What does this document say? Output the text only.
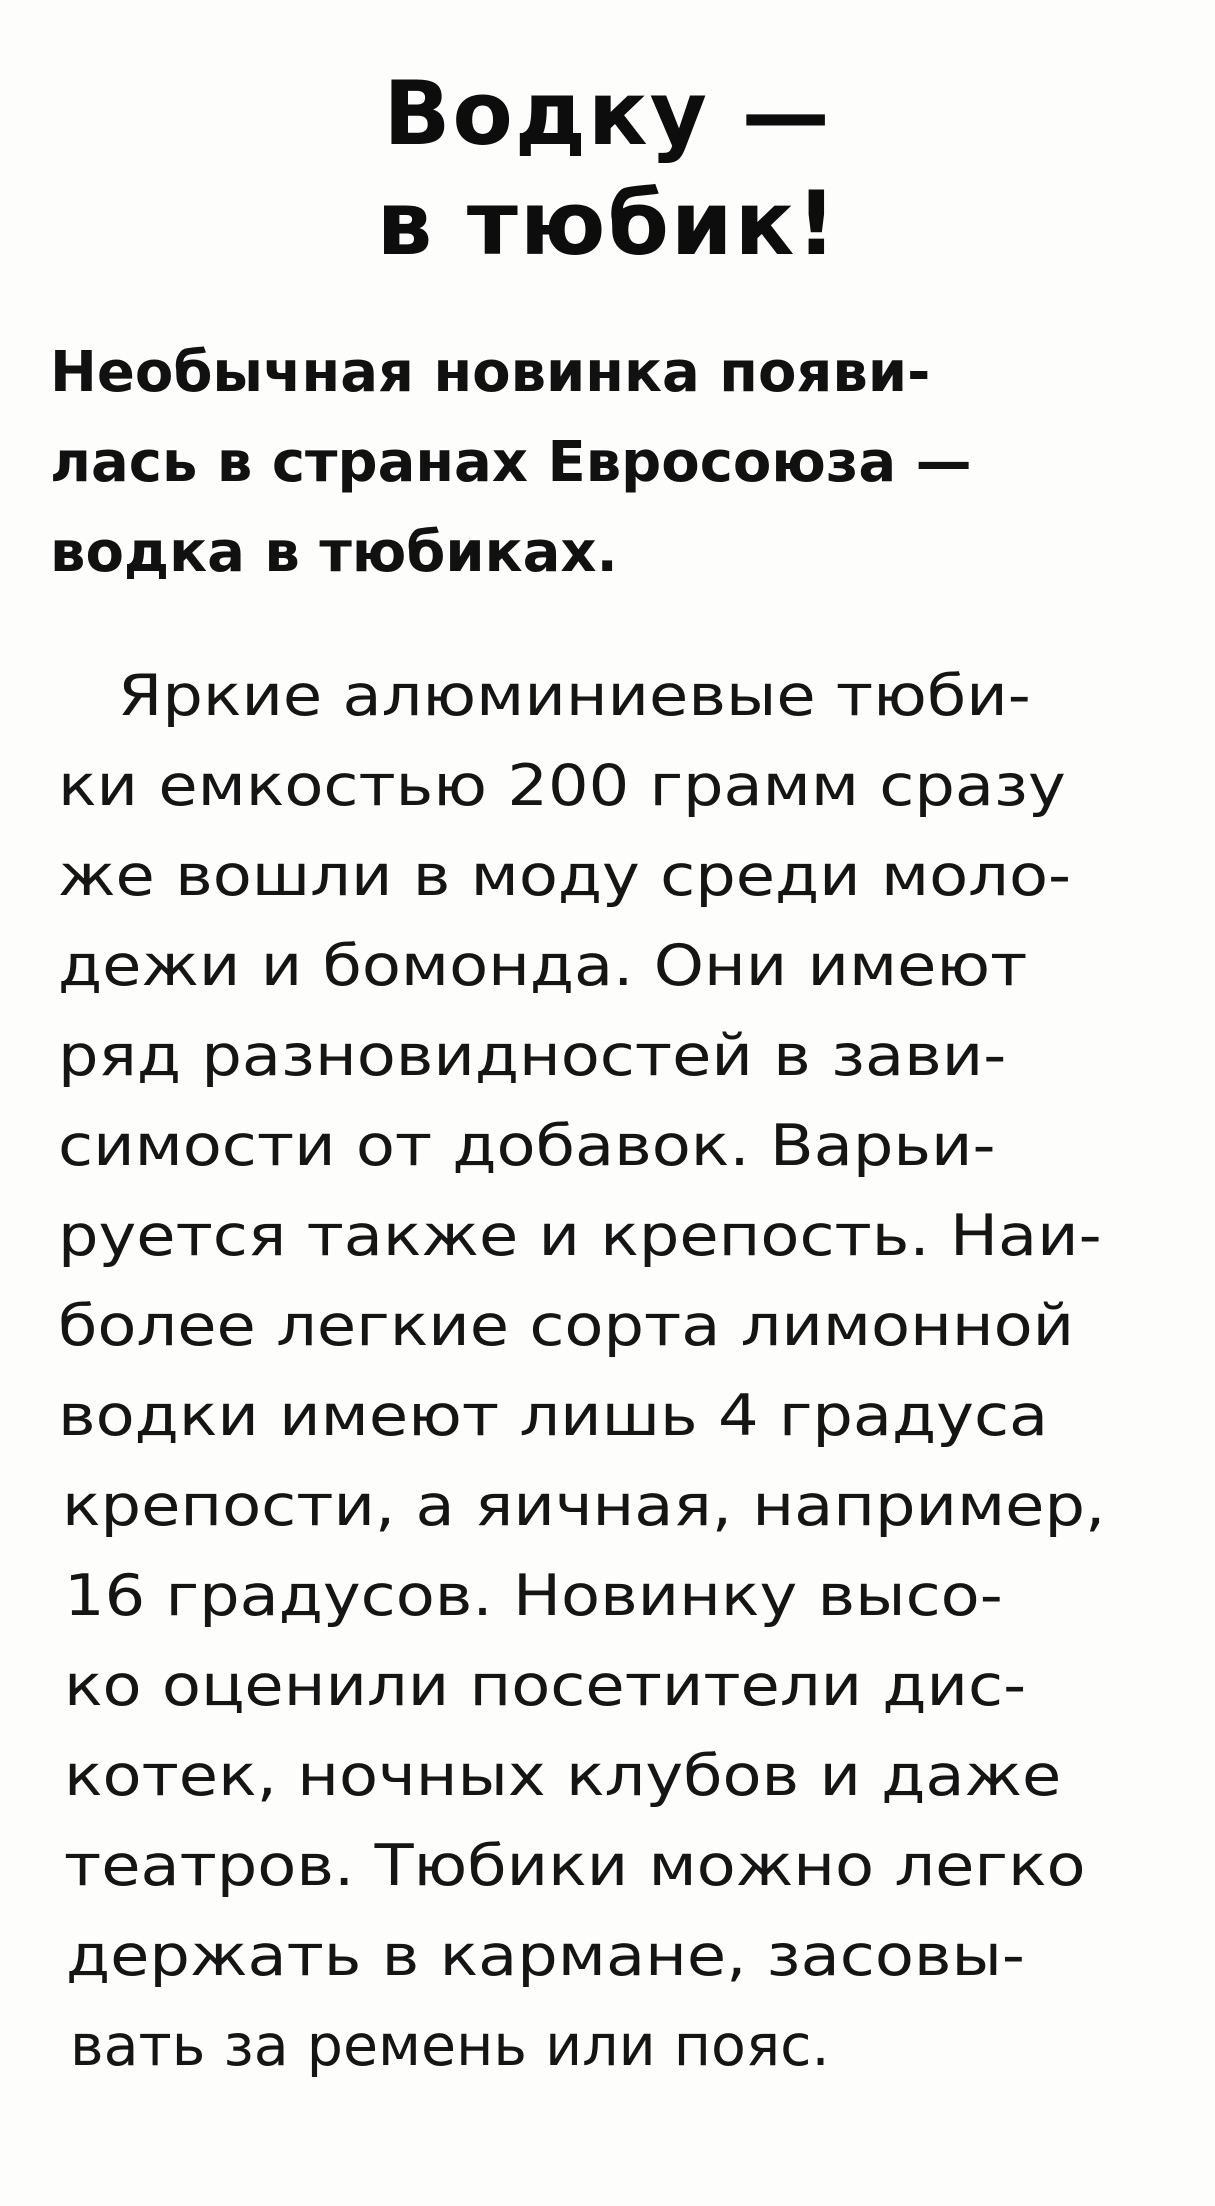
Водку —
в тюбик!
Необычная новинка появи-
лась в странах Евросоюза —
водка в тюбиках.
Яркие алюминиевые тюби-
ки емкостью 200 грамм сразу
же вошли в моду среди моло-
дежи и бомонда. Они имеют
ряд разновидностей в зави-
симости от добавок. Варьи-
руется также и крепость. Наи-
более легкие сорта лимонной
водки имеют лишь 4 градуса
крепости, а яичная, например,
16 градусов. Новинку высо-
ко оценили посетители дис-
котек, ночных клубов и даже
театров. Тюбики можно легко
держать в кармане, засовы-
вать за ремень или пояс.
